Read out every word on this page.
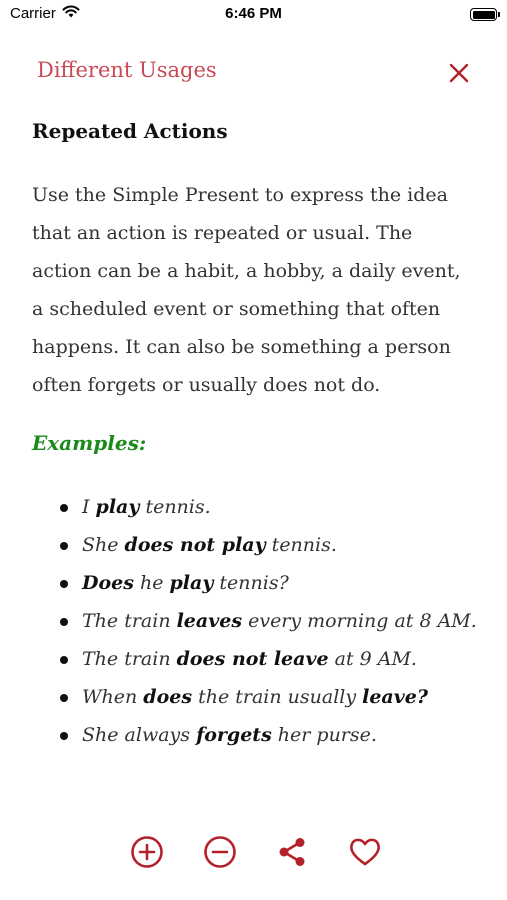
Carrier	6:46 PM
Different Usages
Repeated Actions

Use the Simple Present to express the idea that an action is repeated or usual. The action can be a habit, a hobby, a daily event, a scheduled event or something that often happens. It can also be something a person often forgets or usually does not do.

Examples:
I play tennis.
She does not play tennis.
Does he play tennis?
The train leaves every morning at 8 AM.
The train does not leave at 9 AM.
When does the train usually leave?
She always forgets her purse.
